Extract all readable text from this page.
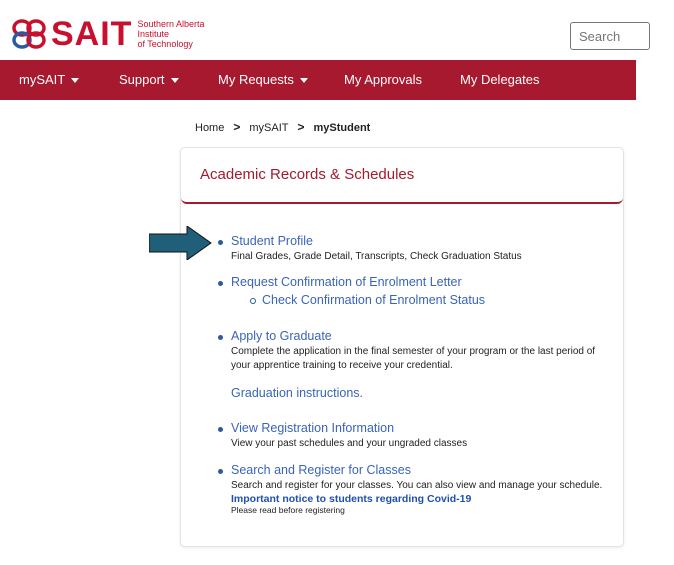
SAIT Southern Alberta
Institute
of Technology
Search
mySAIT	Support	My Requests	My Approvals	My Delegates
Home > mySAIT > myStudent
Academic Records & Schedules
Student Profile
Final Grades, Grade Detail, Transcripts, Check Graduation Status
Request Confirmation of Enrolment Letter
Check Confirmation of Enrolment Status
Apply to Graduate
Complete the application in the final semester of your program or the last period of your apprentice training to receive your credential.
Graduation instructions.
View Registration Information
View your past schedules and your ungraded classes
Search and Register for Classes
Search and register for your classes. You can also view and manage your schedule.
Important notice to students regarding Covid-19
Please read before registering
